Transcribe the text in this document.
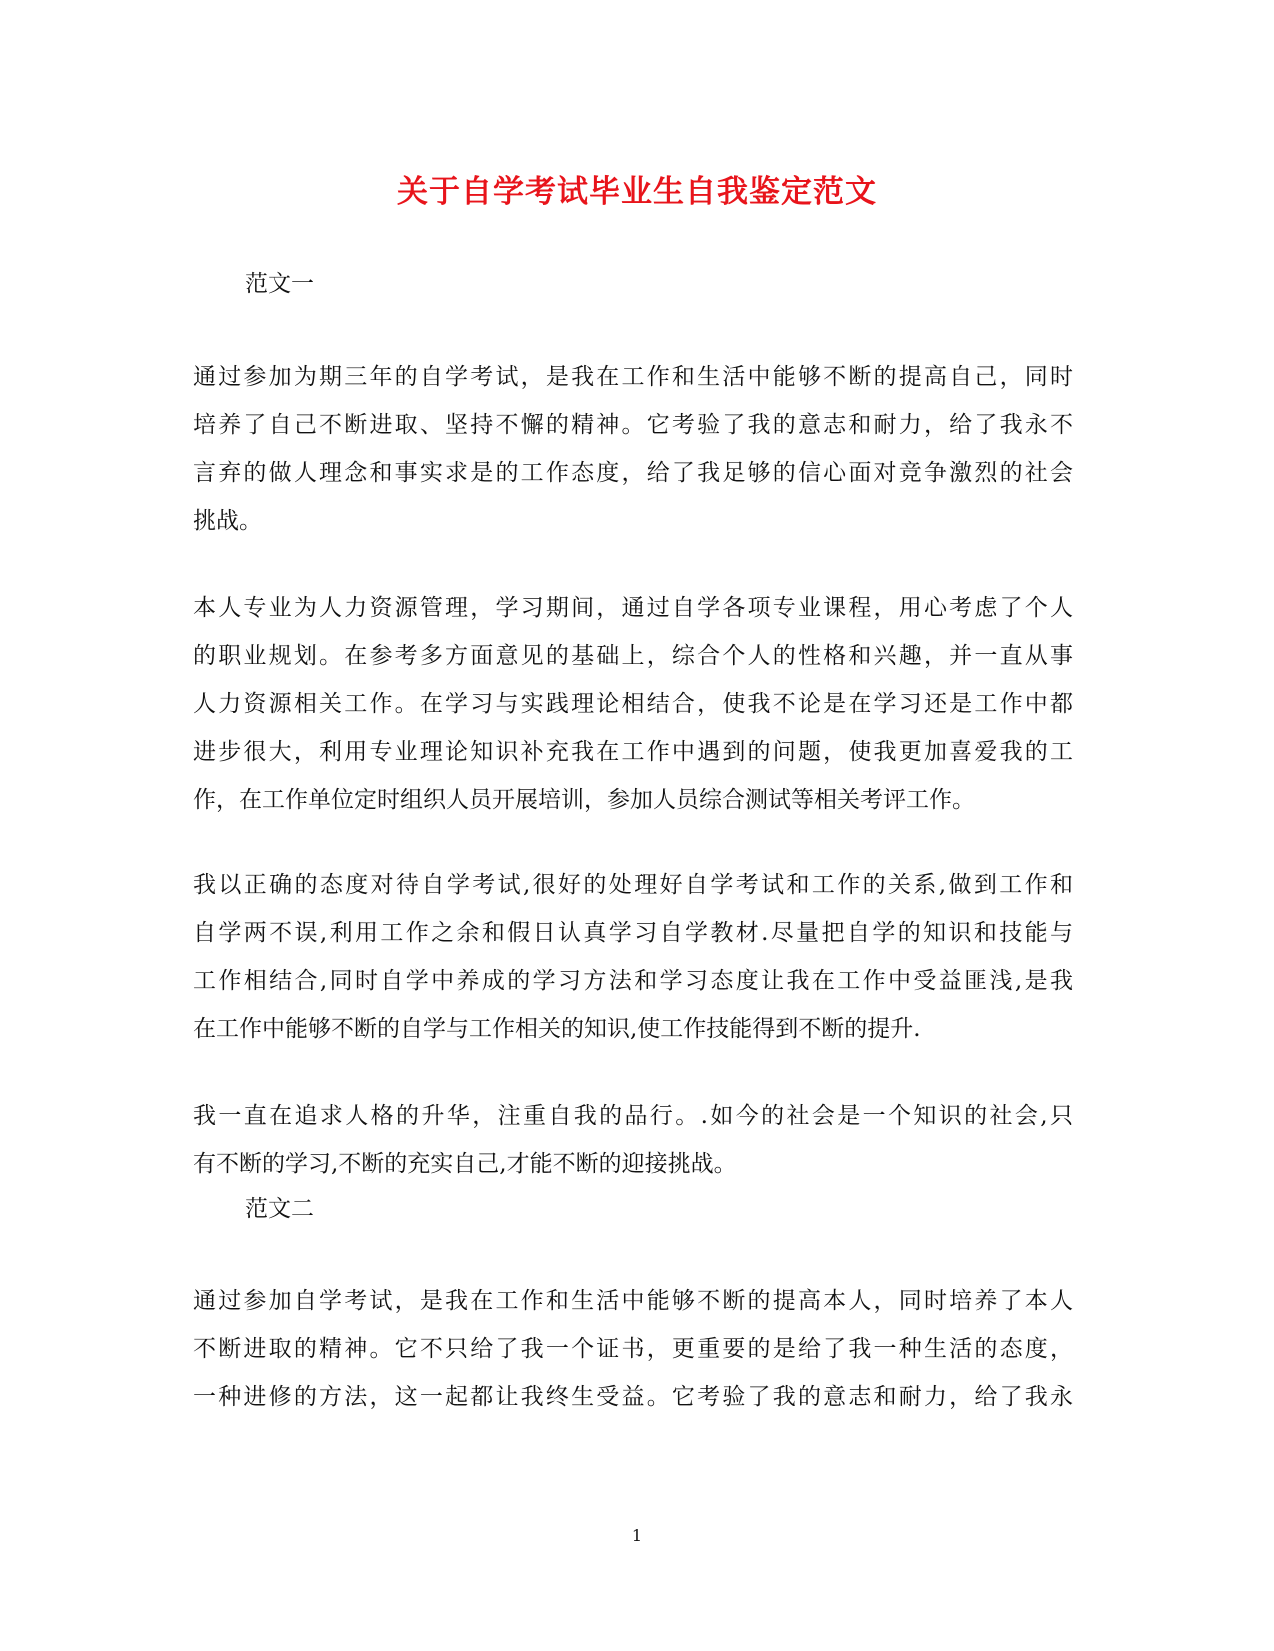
关于自学考试毕业生自我鉴定范文
范文一
通过参加为期三年的自学考试，是我在工作和生活中能够不断的提高自己，同时
培养了自己不断进取、坚持不懈的精神。它考验了我的意志和耐力，给了我永不
言弃的做人理念和事实求是的工作态度，给了我足够的信心面对竞争激烈的社会
挑战。
本人专业为人力资源管理，学习期间，通过自学各项专业课程，用心考虑了个人
的职业规划。在参考多方面意见的基础上，综合个人的性格和兴趣，并一直从事
人力资源相关工作。在学习与实践理论相结合，使我不论是在学习还是工作中都
进步很大，利用专业理论知识补充我在工作中遇到的问题，使我更加喜爱我的工
作，在工作单位定时组织人员开展培训，参加人员综合测试等相关考评工作。
我以正确的态度对待自学考试,很好的处理好自学考试和工作的关系,做到工作和
自学两不误,利用工作之余和假日认真学习自学教材.尽量把自学的知识和技能与
工作相结合,同时自学中养成的学习方法和学习态度让我在工作中受益匪浅,是我
在工作中能够不断的自学与工作相关的知识,使工作技能得到不断的提升.
我一直在追求人格的升华，注重自我的品行。.如今的社会是一个知识的社会,只
有不断的学习,不断的充实自己,才能不断的迎接挑战。
范文二
通过参加自学考试，是我在工作和生活中能够不断的提高本人，同时培养了本人
不断进取的精神。它不只给了我一个证书，更重要的是给了我一种生活的态度，
一种进修的方法，这一起都让我终生受益。它考验了我的意志和耐力，给了我永
1
